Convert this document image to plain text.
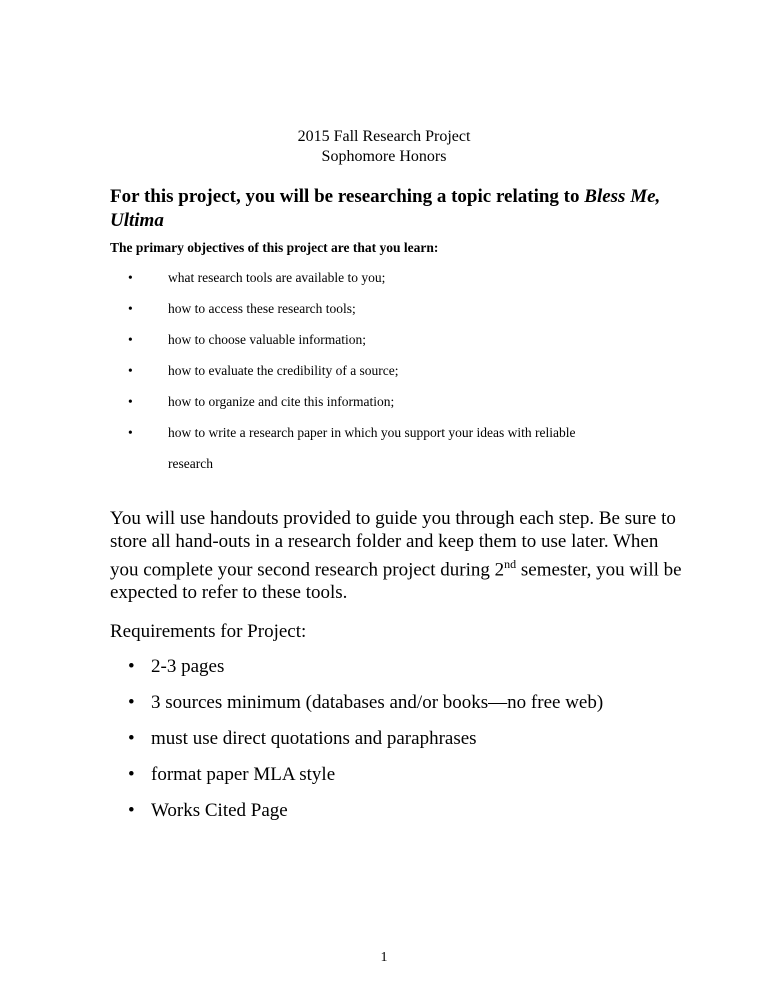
2015 Fall Research Project
Sophomore Honors
For this project, you will be researching a topic relating to Bless Me,
Ultima
The primary objectives of this project are that you learn:
•	what research tools are available to you;
•	how to access these research tools;
•	how to choose valuable information;
•	how to evaluate the credibility of a source;
•	how to organize and cite this information;
•	how to write a research paper in which you support your ideas with reliable
research
You will use handouts provided to guide you through each step. Be sure to
store all hand-outs in a research folder and keep them to use later. When
you complete your second research project during 2nd semester, you will be
expected to refer to these tools.
Requirements for Project:
• 2-3 pages
• 3 sources minimum (databases and/or books—no free web)
• must use direct quotations and paraphrases
• format paper MLA style
• Works Cited Page
1
